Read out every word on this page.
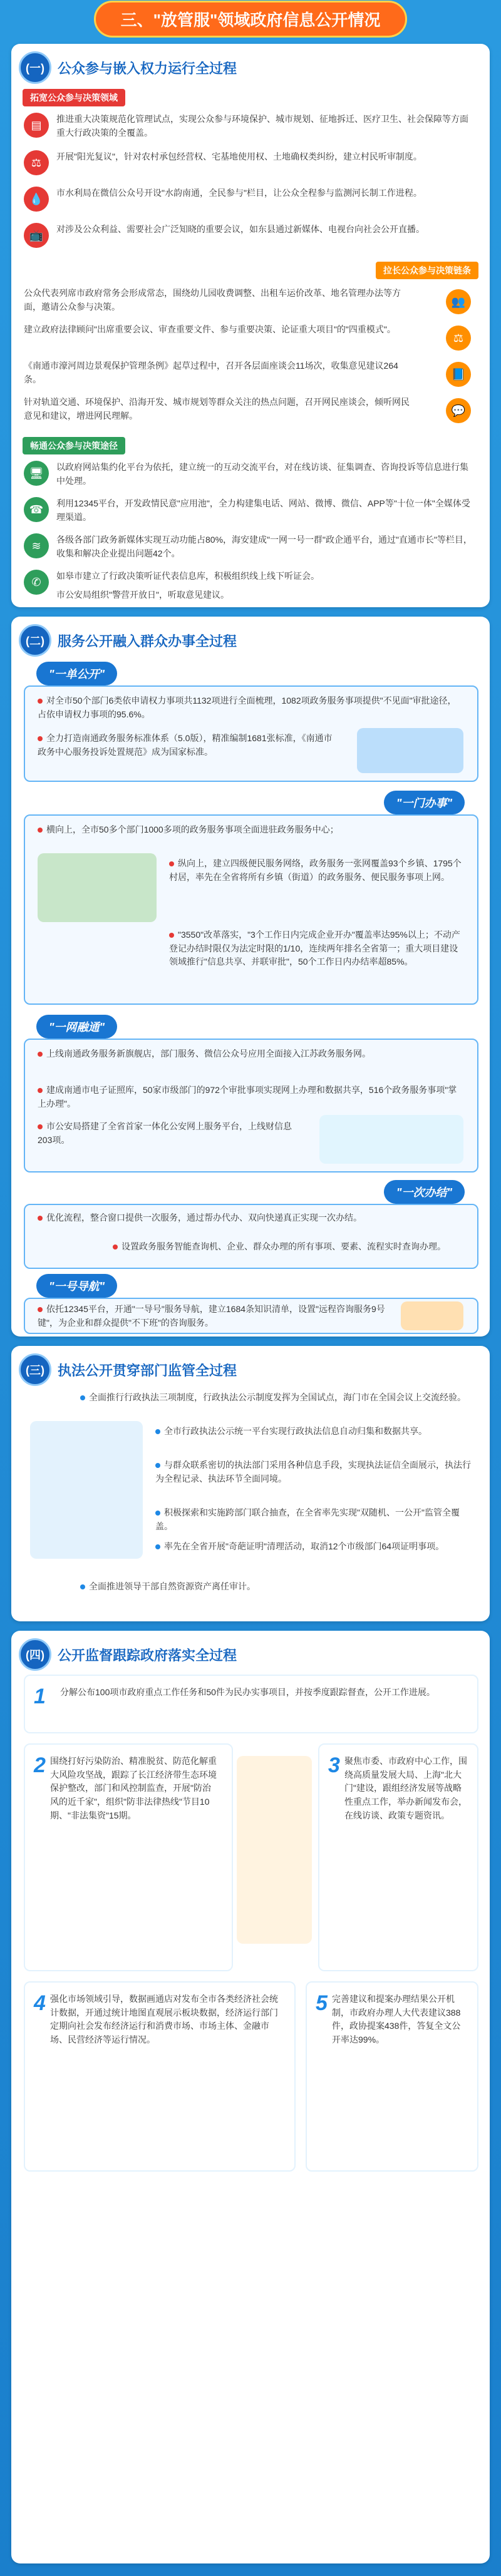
三、"放管服"领域政府信息公开情况
(一) 公众参与嵌入权力运行全过程
拓宽公众参与决策领域
▤	推进重大决策规范化管理试点，实现公众参与环境保护、城市规划、征地拆迁、医疗卫生、社会保障等方面重大行政决策的全覆盖。
⚖	开展"阳光复议"，针对农村承包经营权、宅基地使用权、土地确权类纠纷，建立村民听审制度。
💧	市水利局在微信公众号开设"水韵南通，全民参与"栏目，让公众全程参与监测河长制工作进程。
📺	对涉及公众利益、需要社会广泛知晓的重要会议，如东县通过新媒体、电视台向社会公开直播。
拉长公众参与决策链条
公众代表列席市政府常务会形成常态，围绕幼儿园收费调整、出租车运价改革、地名管理办法等方面，邀请公众参与决策。	👥
建立政府法律顾问"出席重要会议、审查重要文件、参与重要决策、论证重大项目"的"四重模式"。
⚖
《南通市濠河周边景观保护管理条例》起草过程中，召开各层面座谈会11场次，收集意见建议264条。	📘
针对轨道交通、环境保护、沿海开发、城市规划等群众关注的热点问题，召开网民座谈会，倾听网民意见和建议，增进网民理解。	💬
畅通公众参与决策途径
🖥	以政府网站集约化平台为依托，建立统一的互动交流平台，对在线访谈、征集调查、咨询投诉等信息进行集中处理。
☎	利用12345平台，开发政情民意"应用池"，全力构建集电话、网站、微博、微信、APP等"十位一体"全媒体受理渠道。
≋	各级各部门政务新媒体实现互动功能占80%，海安建成"一网一号一群"政企通平台，通过"直通市长"等栏目，收集和解决企业提出问题42个。
✆	如皋市建立了行政决策听证代表信息库，积极组织线上线下听证会。
市公安局组织"警营开放日"，听取意见建议。
(二) 服务公开融入群众办事全过程
"一单公开"
对全市50个部门6类依申请权力事项共1132项进行全面梳理，1082项政务服务事项提供"不见面"审批途径，占依申请权力事项的95.6%。
全力打造南通政务服务标准体系（5.0版），精准编制1681张标准，《南通市政务中心服务投诉处置规范》成为国家标准。
"一门办事"
横向上，全市50多个部门1000多项的政务服务事项全面进驻政务服务中心；
纵向上，建立四级便民服务网络，政务服务一张网覆盖93个乡镇、1795个村居，率先在全省将所有乡镇（街道）的政务服务、便民服务事项上网。
"3550"改革落实，"3个工作日内完成企业开办"覆盖率达95%以上；不动产登记办结时限仅为法定时限的1/10，连续两年排名全省第一；重大项目建设领域推行"信息共享、并联审批"，50个工作日内办结率超85%。
"一网融通"
上线南通政务服务新旗舰店，部门服务、微信公众号应用全面接入江苏政务服务网。
建成南通市电子证照库，50家市级部门的972个审批事项实现网上办理和数据共享，516个政务服务事项"掌上办理"。
市公安局搭建了全省首家一体化公安网上服务平台，上线财信息203项。
"一次办结"
优化流程，整合窗口提供一次服务，通过帮办代办、双向快递真正实现一次办结。
设置政务服务智能查询机、企业、群众办理的所有事项、要素、流程实时查询办理。
"一号导航"
依托12345平台，开通"一导号"服务导航，建立1684条知识清单，设置"远程咨询服务9号键"，为企业和群众提供"不下班"的咨询服务。
(三) 执法公开贯穿部门监管全过程
全面推行行政执法三项制度，行政执法公示制度发挥为全国试点，海门市在全国会议上交流经验。
全市行政执法公示统一平台实现行政执法信息自动归集和数据共享。
与群众联系密切的执法部门采用各种信息手段，实现执法证信全面展示，执法行为全程记录、执法环节全面同境。
积极探索和实施跨部门联合抽查，在全省率先实现"双随机、一公开"监管全覆盖。
率先在全省开展"奇葩证明"清理活动，取消12个市级部门64项证明事项。
全面推进领导干部自然资源资产离任审计。
(四) 公开监督跟踪政府落实全过程
1 分解公布100项市政府重点工作任务和50件为民办实事项目，并按季度跟踪督查，公开工作进展。
2 围绕打好污染防治、精准脱贫、防范化解重大风险攻坚战，跟踪了长江经济带生态环境保护整改，部门和风控制监查，开展"防治风的近千家"，组织"防非法律热线"节目10期、"非法集资"15期。
3 聚焦市委、市政府中心工作，围绕高质量发展大局、上海"北大门"建设，跟组经济发展等战略性重点工作，举办新闻发布会，在线访谈、政策专题资讯。
4 强化市场领域引导，数据画通店对发布全市各类经济社会统计数据，开通过统计地图直观展示板块数据，经济运行部门定期向社会发布经济运行和消费市场、市场主体、金融市场、民营经济等运行情况。
5 完善建议和提案办理结果公开机制，市政府办理人大代表建议388件，政协提案438件，答复全文公开率达99%。
